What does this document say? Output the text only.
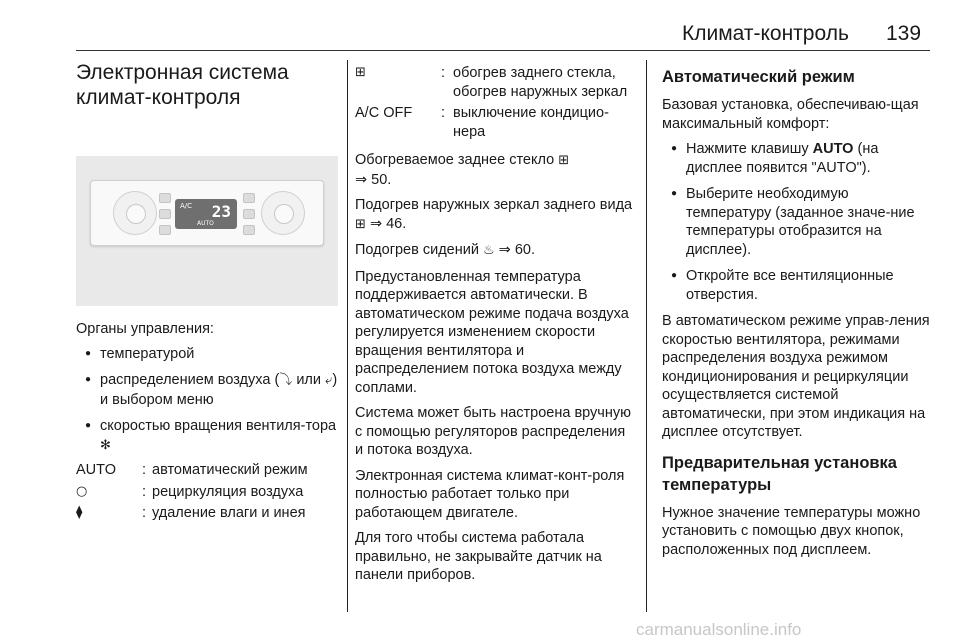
Климат-контроль 139
Электронная система
климат-контроля
A/C 23
AUTO

Органы управления:

● температурой
● распределением воздуха (⤵ или ⤶) и выбором меню
● скоростью вращения вентиля-тора ✻
AUTO	: автоматический режим
○	: рециркуляция воздуха
⧫	: удаление влаги и инея
⊞	: обогрев заднего стекла, обогрев наружных зеркал
A/C OFF	: выключение кондицио-нера

Обогреваемое заднее стекло ⊞
⇒ 50.

Подогрев наружных зеркал заднего вида ⊞ ⇒ 46.

Подогрев сидений ♨ ⇒ 60.

Предустановленная температура поддерживается автоматически. В автоматическом режиме подача воздуха регулируется изменением скорости вращения вентилятора и распределением потока воздуха между соплами.

Система может быть настроена вручную с помощью регуляторов распределения и потока воздуха.

Электронная система климат-конт-роля полностью работает только при работающем двигателе.

Для того чтобы система работала правильно, не закрывайте датчик на панели приборов.

Автоматический режим

Базовая установка, обеспечиваю-щая максимальный комфорт:

● Нажмите клавишу AUTO (на дисплее появится "AUTO").
● Выберите необходимую температуру (заданное значе-ние температуры отобразится на дисплее).
● Откройте все вентиляционные отверстия.

В автоматическом режиме управ-ления скоростью вентилятора, режимами распределения воздуха режимом кондиционирования и рециркуляции осуществляется системой автоматически, при этом индикация на дисплее отсутствует.

Предварительная установка температуры

Нужное значение температуры можно установить с помощью двух кнопок, расположенных под дисплеем.

carmanualsonline.info
